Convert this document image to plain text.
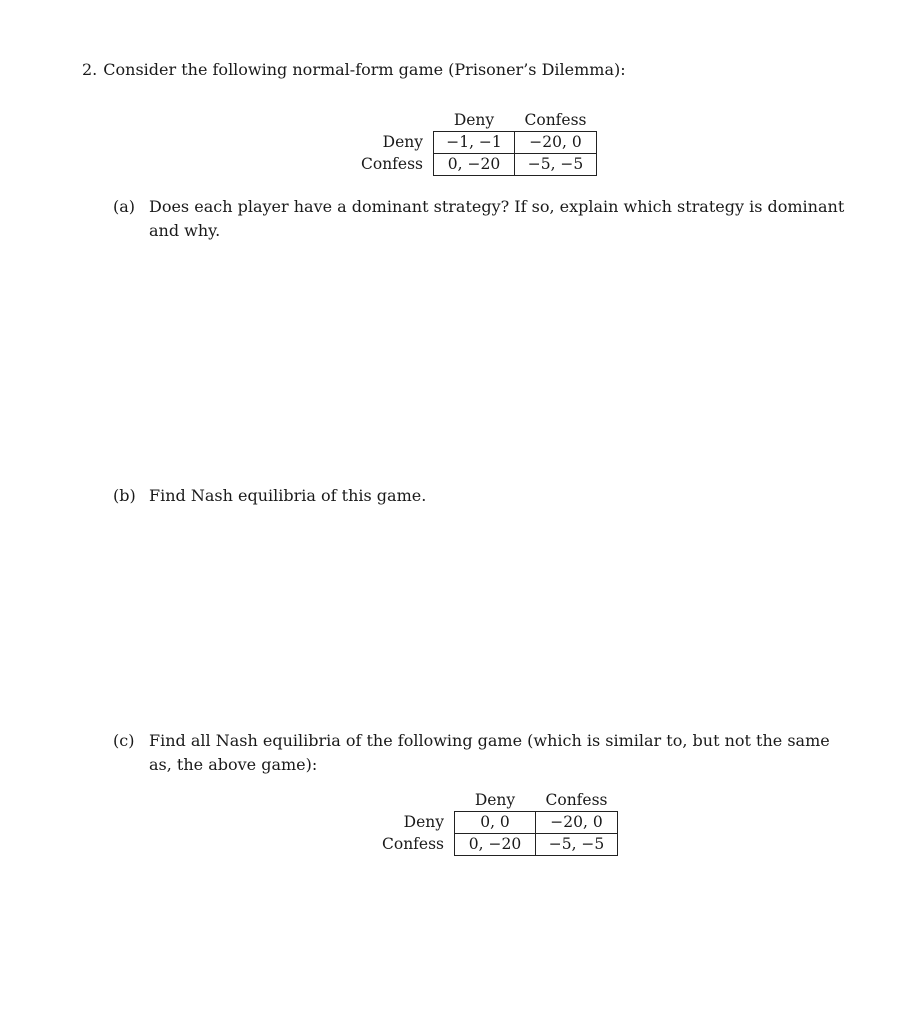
2. Consider the following normal-form game (Prisoner’s Dilemma):
	Deny	Confess
Deny	−1, −1	−20, 0
Confess	0, −20	−5, −5
(a) Does each player have a dominant strategy? If so, explain which strategy is dominant and why.
(b) Find Nash equilibria of this game.
(c) Find all Nash equilibria of the following game (which is similar to, but not the same as, the above game):
	Deny	Confess
Deny	0, 0	−20, 0
Confess	0, −20	−5, −5
